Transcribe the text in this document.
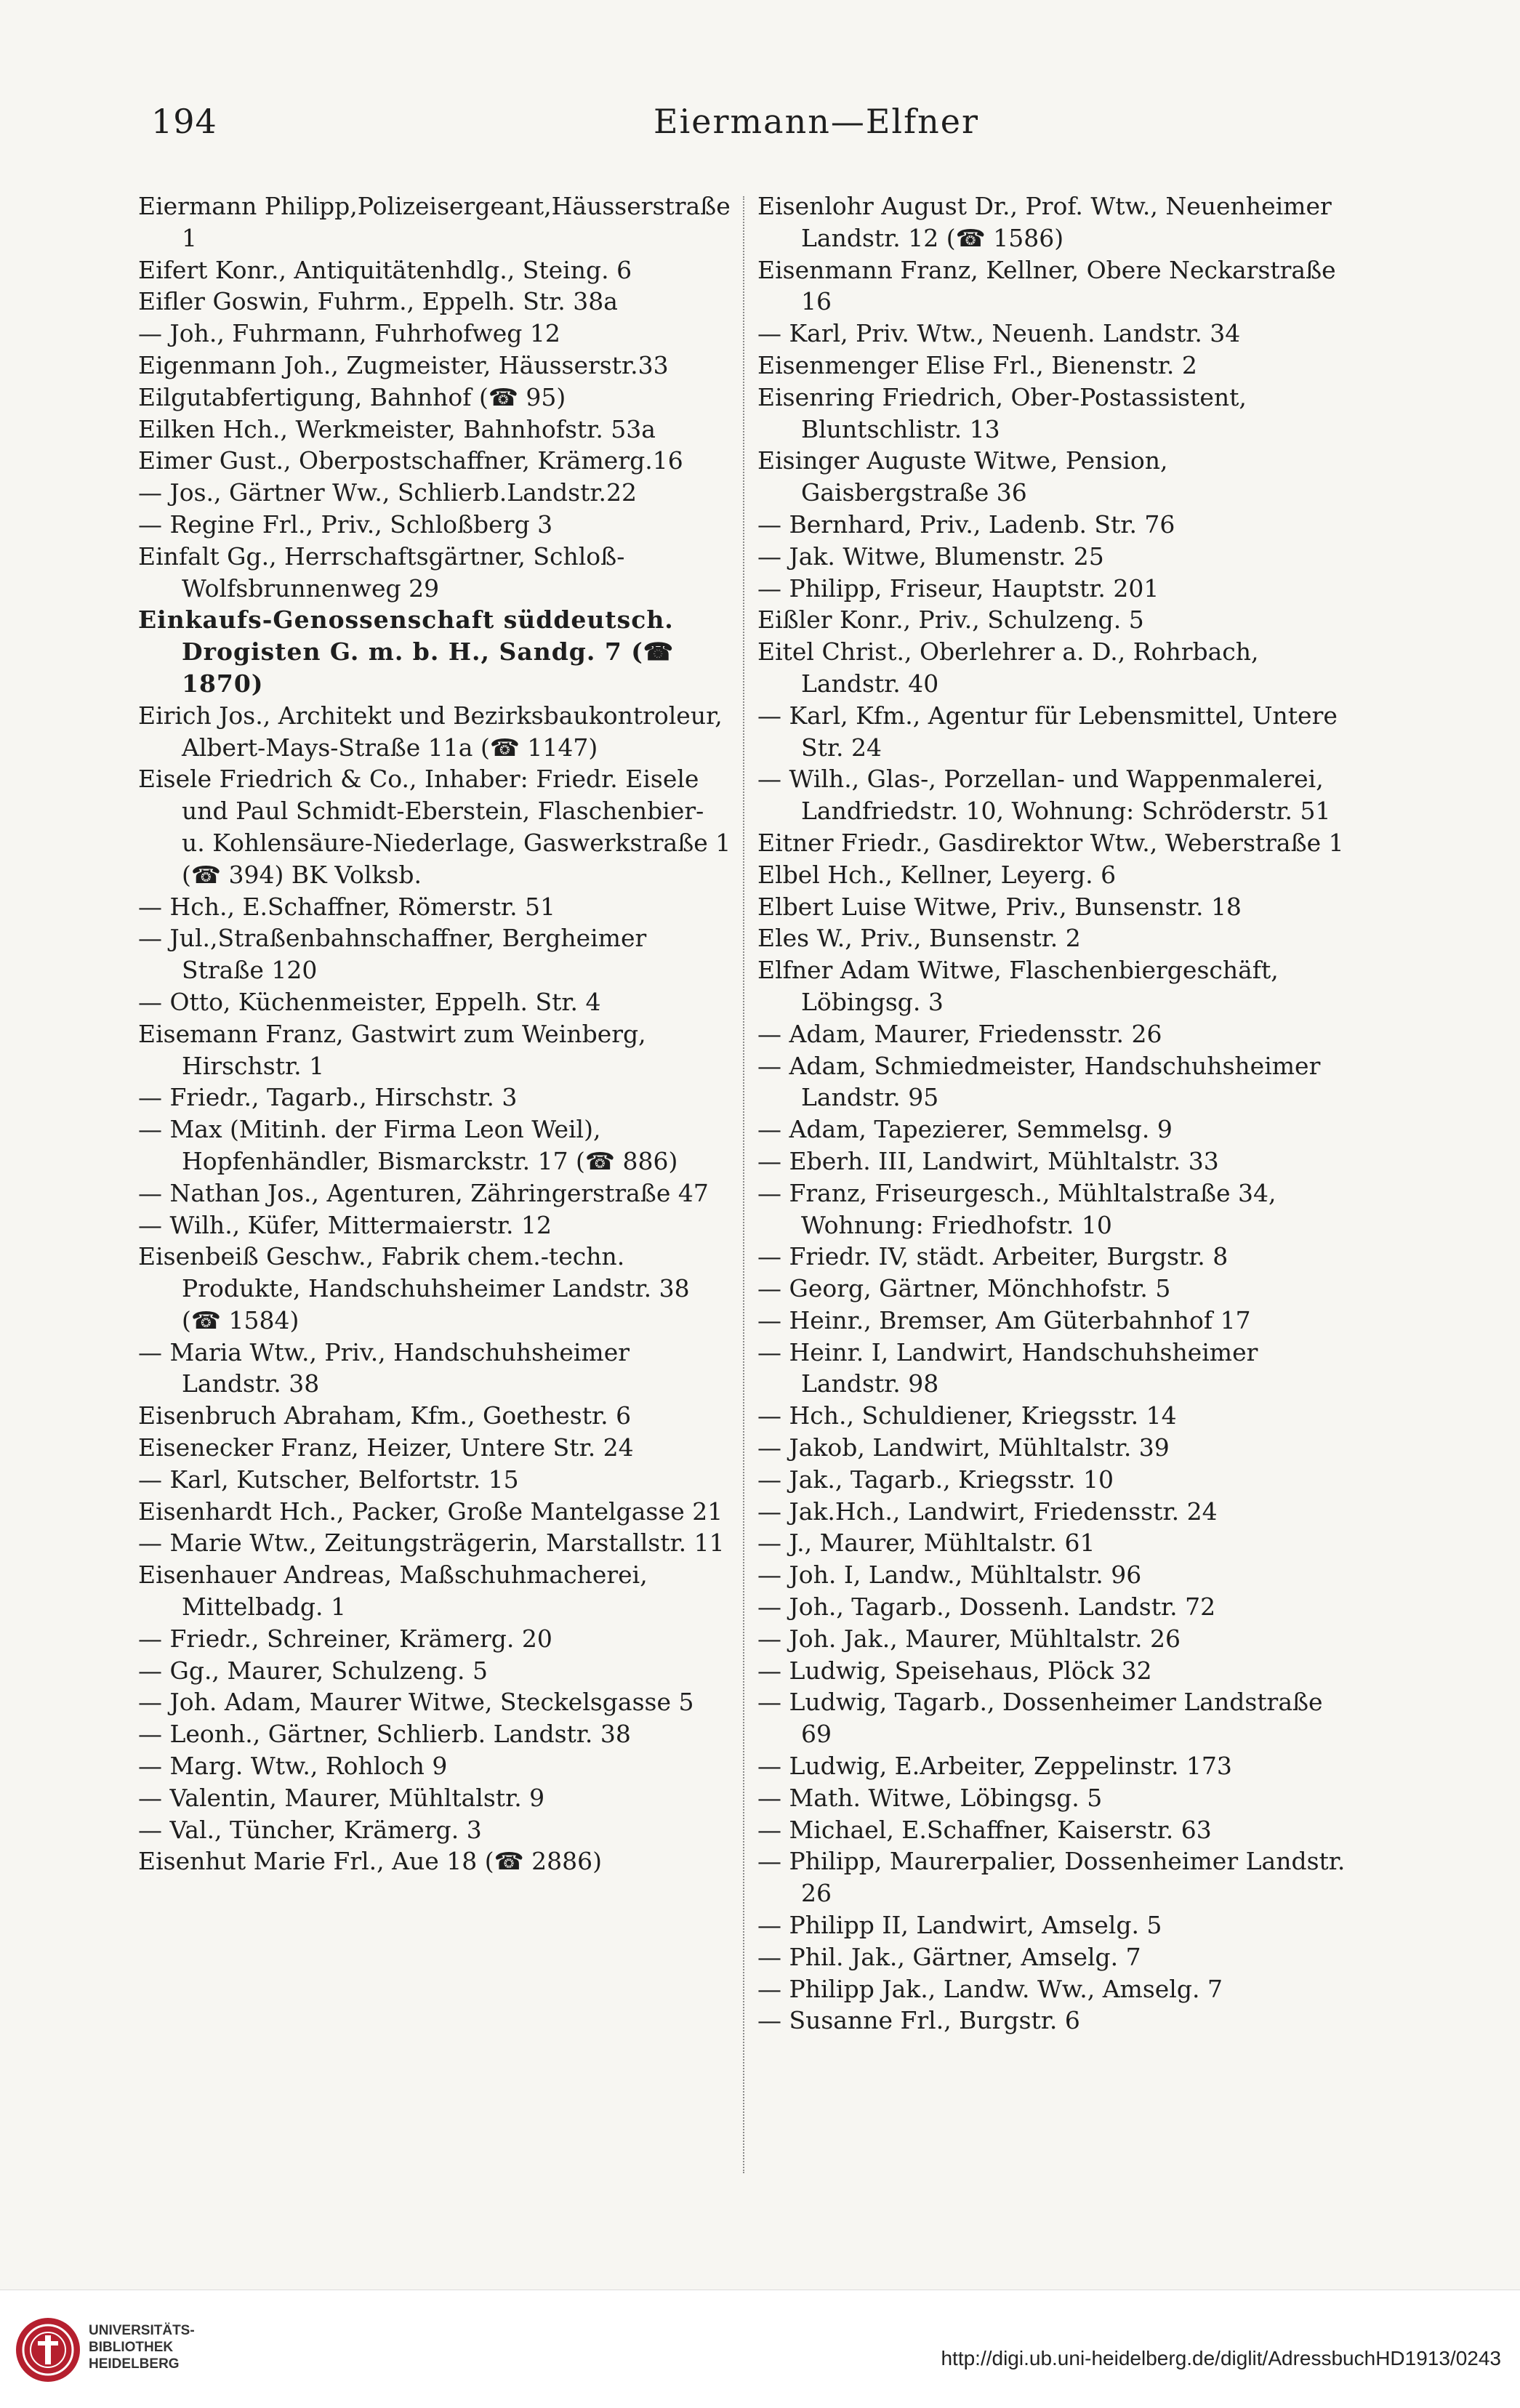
194	Eiermann—Elfner
Eiermann Philipp,Polizeisergeant,Häusserstraße 1
Eifert Konr., Antiquitätenhdlg., Steing. 6
Eifler Goswin, Fuhrm., Eppelh. Str. 38a
— Joh., Fuhrmann, Fuhrhofweg 12
Eigenmann Joh., Zugmeister, Häusserstr.33
Eilgutabfertigung, Bahnhof (☎ 95)
Eilken Hch., Werkmeister, Bahnhofstr. 53a
Eimer Gust., Oberpostschaffner, Krämerg.16
— Jos., Gärtner Ww., Schlierb.Landstr.22
— Regine Frl., Priv., Schloßberg 3
Einfalt Gg., Herrschaftsgärtner, Schloß-Wolfsbrunnenweg 29
Einkaufs-Genossenschaft süddeutsch. Drogisten G. m. b. H., Sandg. 7 (☎ 1870)
Eirich Jos., Architekt und Bezirksbaukontroleur, Albert-Mays-Straße 11a (☎ 1147)
Eisele Friedrich & Co., Inhaber: Friedr. Eisele und Paul Schmidt-Eberstein, Flaschenbier- u. Kohlensäure-Niederlage, Gaswerkstraße 1 (☎ 394) BK Volksb.
— Hch., E.Schaffner, Römerstr. 51
— Jul.,Straßenbahnschaffner, Bergheimer Straße 120
— Otto, Küchenmeister, Eppelh. Str. 4
Eisemann Franz, Gastwirt zum Weinberg, Hirschstr. 1
— Friedr., Tagarb., Hirschstr. 3
— Max (Mitinh. der Firma Leon Weil), Hopfenhändler, Bismarckstr. 17 (☎ 886)
— Nathan Jos., Agenturen, Zähringerstraße 47
— Wilh., Küfer, Mittermaierstr. 12
Eisenbeiß Geschw., Fabrik chem.-techn. Produkte, Handschuhsheimer Landstr. 38 (☎ 1584)
— Maria Wtw., Priv., Handschuhsheimer Landstr. 38
Eisenbruch Abraham, Kfm., Goethestr. 6
Eisenecker Franz, Heizer, Untere Str. 24
— Karl, Kutscher, Belfortstr. 15
Eisenhardt Hch., Packer, Große Mantelgasse 21
— Marie Wtw., Zeitungsträgerin, Marstallstr. 11
Eisenhauer Andreas, Maßschuhmacherei, Mittelbadg. 1
— Friedr., Schreiner, Krämerg. 20
— Gg., Maurer, Schulzeng. 5
— Joh. Adam, Maurer Witwe, Steckelsgasse 5
— Leonh., Gärtner, Schlierb. Landstr. 38
— Marg. Wtw., Rohloch 9
— Valentin, Maurer, Mühltalstr. 9
— Val., Tüncher, Krämerg. 3
Eisenhut Marie Frl., Aue 18 (☎ 2886)
Eisenlohr August Dr., Prof. Wtw., Neuenheimer Landstr. 12 (☎ 1586)
Eisenmann Franz, Kellner, Obere Neckarstraße 16
— Karl, Priv. Wtw., Neuenh. Landstr. 34
Eisenmenger Elise Frl., Bienenstr. 2
Eisenring Friedrich, Ober-Postassistent, Bluntschlistr. 13
Eisinger Auguste Witwe, Pension, Gaisbergstraße 36
— Bernhard, Priv., Ladenb. Str. 76
— Jak. Witwe, Blumenstr. 25
— Philipp, Friseur, Hauptstr. 201
Eißler Konr., Priv., Schulzeng. 5
Eitel Christ., Oberlehrer a. D., Rohrbach, Landstr. 40
— Karl, Kfm., Agentur für Lebensmittel, Untere Str. 24
— Wilh., Glas-, Porzellan- und Wappenmalerei, Landfriedstr. 10, Wohnung: Schröderstr. 51
Eitner Friedr., Gasdirektor Wtw., Weberstraße 1
Elbel Hch., Kellner, Leyerg. 6
Elbert Luise Witwe, Priv., Bunsenstr. 18
Eles W., Priv., Bunsenstr. 2
Elfner Adam Witwe, Flaschenbiergeschäft, Löbingsg. 3
— Adam, Maurer, Friedensstr. 26
— Adam, Schmiedmeister, Handschuhsheimer Landstr. 95
— Adam, Tapezierer, Semmelsg. 9
— Eberh. III, Landwirt, Mühltalstr. 33
— Franz, Friseurgesch., Mühltalstraße 34, Wohnung: Friedhofstr. 10
— Friedr. IV, städt. Arbeiter, Burgstr. 8
— Georg, Gärtner, Mönchhofstr. 5
— Heinr., Bremser, Am Güterbahnhof 17
— Heinr. I, Landwirt, Handschuhsheimer Landstr. 98
— Hch., Schuldiener, Kriegsstr. 14
— Jakob, Landwirt, Mühltalstr. 39
— Jak., Tagarb., Kriegsstr. 10
— Jak.Hch., Landwirt, Friedensstr. 24
— J., Maurer, Mühltalstr. 61
— Joh. I, Landw., Mühltalstr. 96
— Joh., Tagarb., Dossenh. Landstr. 72
— Joh. Jak., Maurer, Mühltalstr. 26
— Ludwig, Speisehaus, Plöck 32
— Ludwig, Tagarb., Dossenheimer Landstraße 69
— Ludwig, E.Arbeiter, Zeppelinstr. 173
— Math. Witwe, Löbingsg. 5
— Michael, E.Schaffner, Kaiserstr. 63
— Philipp, Maurerpalier, Dossenheimer Landstr. 26
— Philipp II, Landwirt, Amselg. 5
— Phil. Jak., Gärtner, Amselg. 7
— Philipp Jak., Landw. Ww., Amselg. 7
— Susanne Frl., Burgstr. 6
UNIVERSITÄTS-
BIBLIOTHEK
HEIDELBERG	http://digi.ub.uni-heidelberg.de/diglit/AdressbuchHD1913/0243
